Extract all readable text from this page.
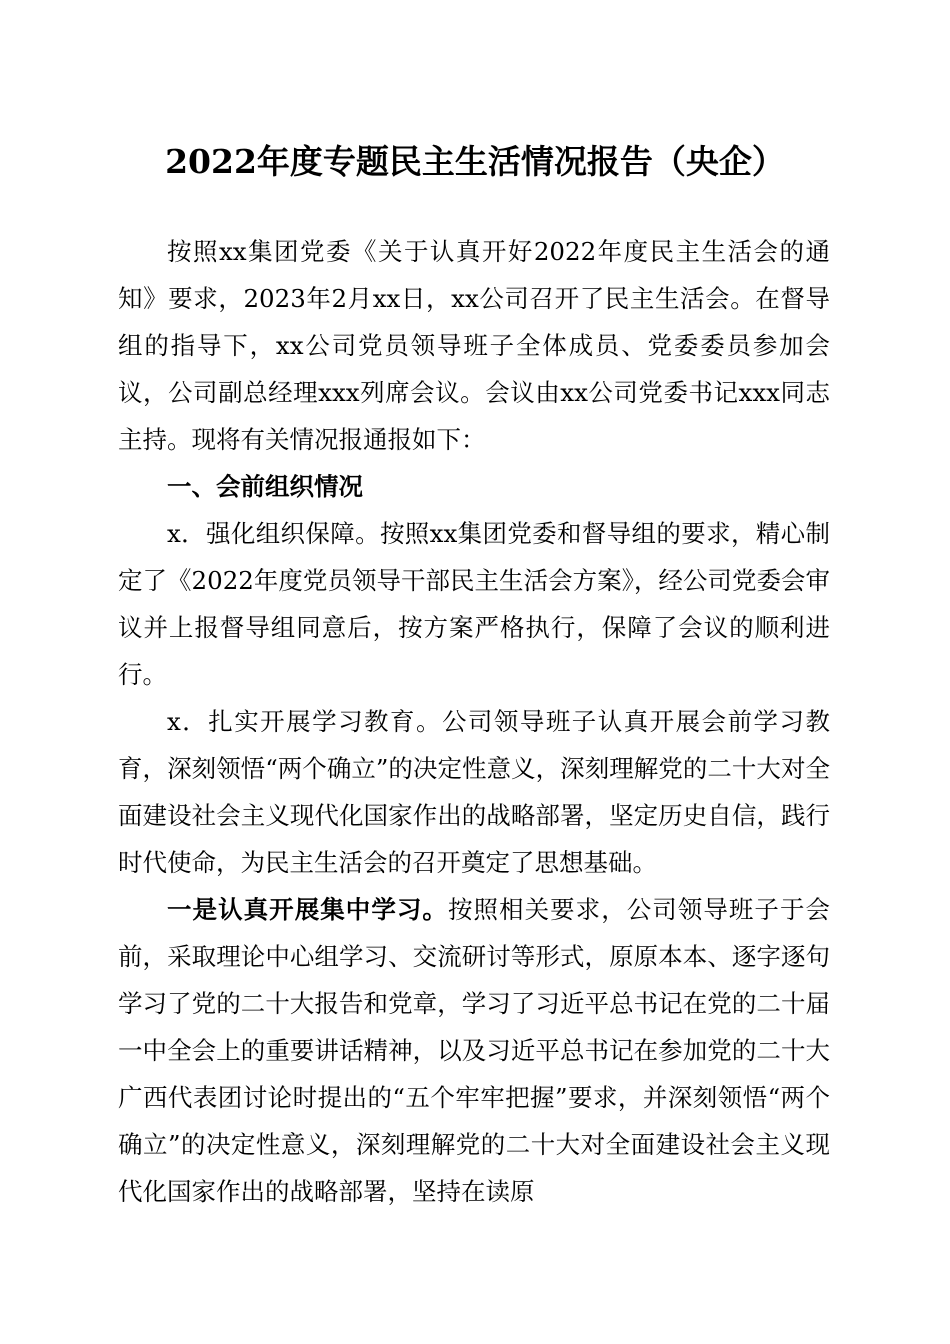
2022年度专题民主生活情况报告（央企）

按照xx集团党委《关于认真开好2022年度民主生活会的通知》要求，2023年2月xx日，xx公司召开了民主生活会。在督导组的指导下，xx公司党员领导班子全体成员、党委委员参加会议，公司副总经理xxx列席会议。会议由xx公司党委书记xxx同志主持。现将有关情况报通报如下：

一、会前组织情况

x．强化组织保障。按照xx集团党委和督导组的要求，精心制定了《2022年度党员领导干部民主生活会方案》，经公司党委会审议并上报督导组同意后，按方案严格执行，保障了会议的顺利进行。

x．扎实开展学习教育。公司领导班子认真开展会前学习教育，深刻领悟“两个确立”的决定性意义，深刻理解党的二十大对全面建设社会主义现代化国家作出的战略部署，坚定历史自信，践行时代使命，为民主生活会的召开奠定了思想基础。

一是认真开展集中学习。按照相关要求，公司领导班子于会前，采取理论中心组学习、交流研讨等形式，原原本本、逐字逐句学习了党的二十大报告和党章，学习了习近平总书记在党的二十届一中全会上的重要讲话精神，以及习近平总书记在参加党的二十大广西代表团讨论时提出的“五个牢牢把握”要求，并深刻领悟“两个确立”的决定性意义，深刻理解党的二十大对全面建设社会主义现代化国家作出的战略部署，坚持在读原
